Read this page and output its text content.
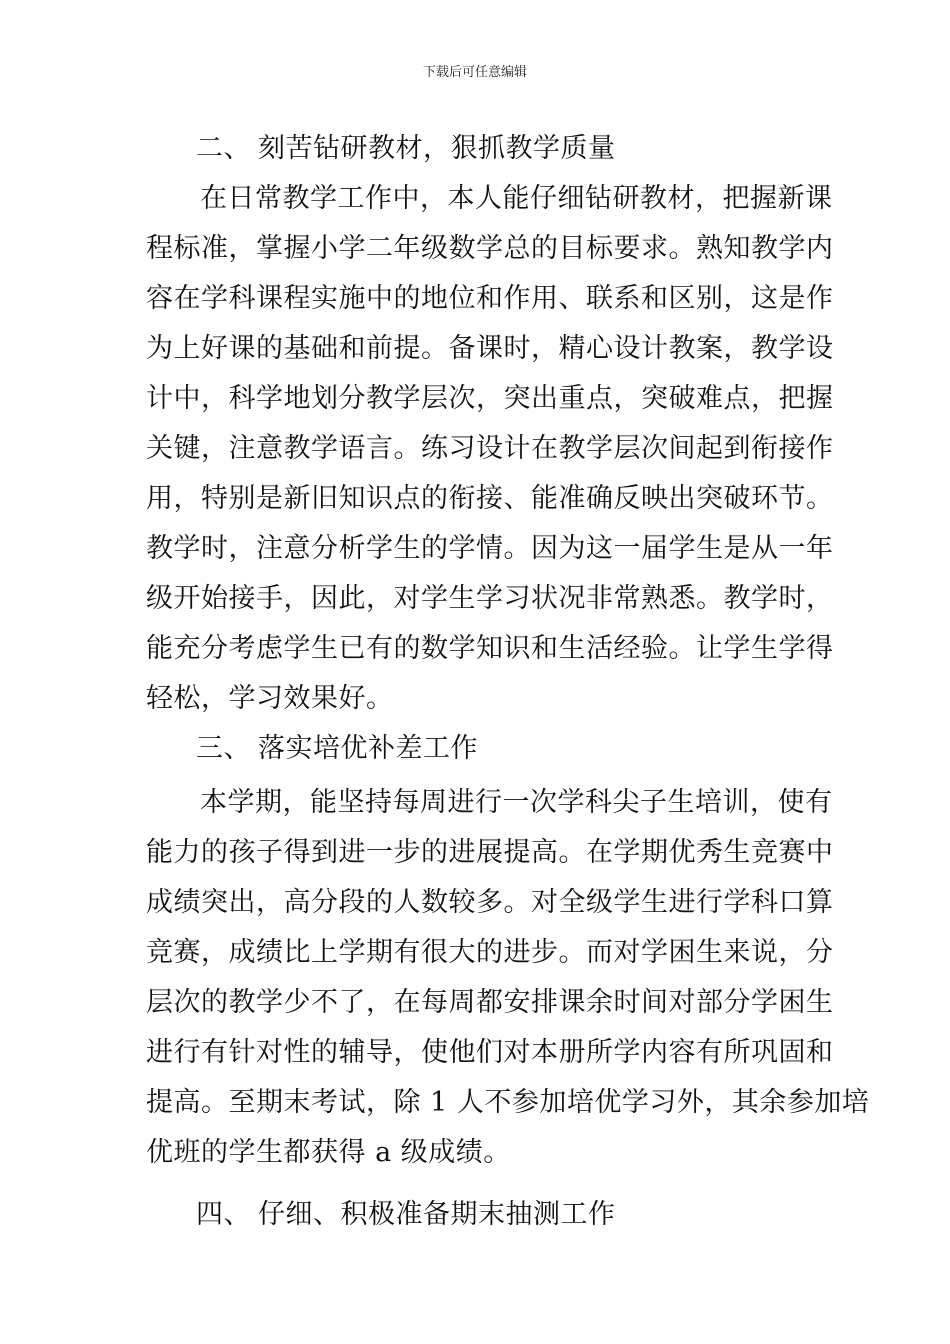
下载后可任意编辑
二、 刻苦钻研教材，狠抓教学质量
在日常教学工作中，本人能仔细钻研教材，把握新课
程标准，掌握小学二年级数学总的目标要求。熟知教学内
容在学科课程实施中的地位和作用、联系和区别，这是作
为上好课的基础和前提。备课时，精心设计教案，教学设
计中，科学地划分教学层次，突出重点，突破难点，把握
关键，注意教学语言。练习设计在教学层次间起到衔接作
用，特别是新旧知识点的衔接、能准确反映出突破环节。
教学时，注意分析学生的学情。因为这一届学生是从一年
级开始接手，因此，对学生学习状况非常熟悉。教学时，
能充分考虑学生已有的数学知识和生活经验。让学生学得
轻松，学习效果好。
三、 落实培优补差工作
本学期，能坚持每周进行一次学科尖子生培训，使有
能力的孩子得到进一步的进展提高。在学期优秀生竞赛中
成绩突出，高分段的人数较多。对全级学生进行学科口算
竞赛，成绩比上学期有很大的进步。而对学困生来说，分
层次的教学少不了，在每周都安排课余时间对部分学困生
进行有针对性的辅导，使他们对本册所学内容有所巩固和
提高。至期末考试，除 1 人不参加培优学习外，其余参加培
优班的学生都获得 a 级成绩。
四、 仔细、积极准备期末抽测工作
